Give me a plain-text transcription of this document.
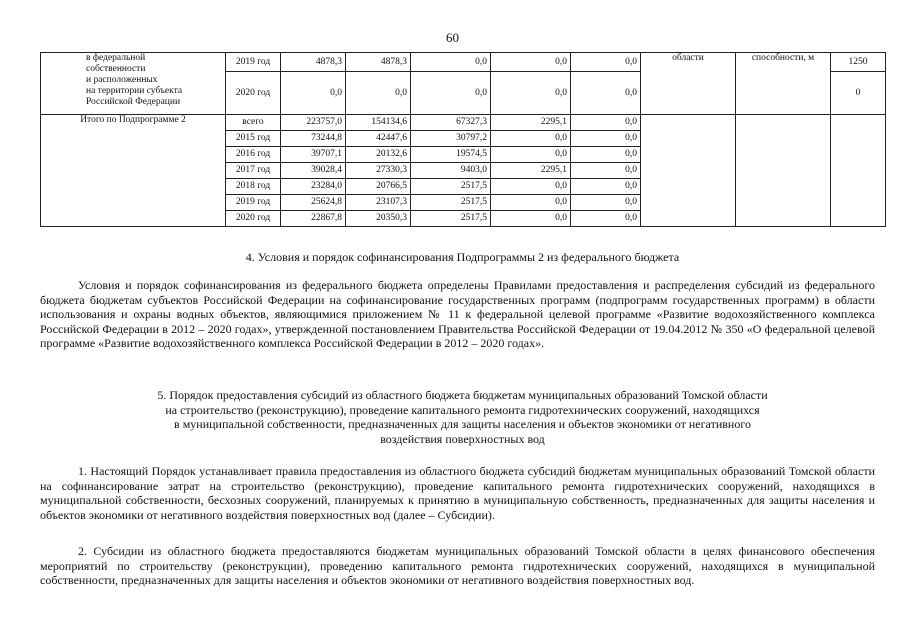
60
в федеральной
собственности
и расположенных
на территории субъекта
Российской Федерации	2019 год	4878,3	4878,3	0,0	0,0	0,0	области	способности, м	1250
	2020 год	0,0	0,0	0,0	0,0	0,0			0
Итого по Подпрограмме 2	всего	223757,0	154134,6	67327,3	2295,1	0,0			
	2015 год	73244,8	42447,6	30797,2	0,0	0,0			
	2016 год	39707,1	20132,6	19574,5	0,0	0,0			
	2017 год	39028,4	27330,3	9403,0	2295,1	0,0			
	2018 год	23284,0	20766,5	2517,5	0,0	0,0			
	2019 год	25624,8	23107,3	2517,5	0,0	0,0			
	2020 год	22867,8	20350,3	2517,5	0,0	0,0			
4. Условия и порядок софинансирования Подпрограммы 2 из федерального бюджета

Условия и порядок софинансирования из федерального бюджета определены Правилами предоставления и распределения субсидий из федерального бюджета бюджетам субъектов Российской Федерации на софинансирование государственных программ (подпрограмм государственных программ) в области использования и охраны водных объектов, являющимися приложением № 11 к федеральной целевой программе «Развитие водохозяйственного комплекса Российской Федерации в 2012 – 2020 годах», утвержденной постановлением Правительства Российской Федерации от 19.04.2012 № 350 «О федеральной целевой программе «Развитие водохозяйственного комплекса Российской Федерации в 2012 – 2020 годах».

5. Порядок предоставления субсидий из областного бюджета бюджетам муниципальных образований Томской области
на строительство (реконструкцию), проведение капитального ремонта гидротехнических сооружений, находящихся
в муниципальной собственности, предназначенных для защиты населения и объектов экономики от негативного
воздействия поверхностных вод

1. Настоящий Порядок устанавливает правила предоставления из областного бюджета субсидий бюджетам муниципальных образований Томской области на софинансирование затрат на строительство (реконструкцию), проведение капитального ремонта гидротехнических сооружений, находящихся в муниципальной собственности, бесхозных сооружений, планируемых к принятию в муниципальную собственность, предназначенных для защиты населения и объектов экономики от негативного воздействия поверхностных вод (далее – Субсидии).

2. Субсидии из областного бюджета предоставляются бюджетам муниципальных образований Томской области в целях финансового обеспечения мероприятий по строительству (реконструкции), проведению капитального ремонта гидротехнических сооружений, находящихся в муниципальной собственности, предназначенных для защиты населения и объектов экономики от негативного воздействия поверхностных вод.
